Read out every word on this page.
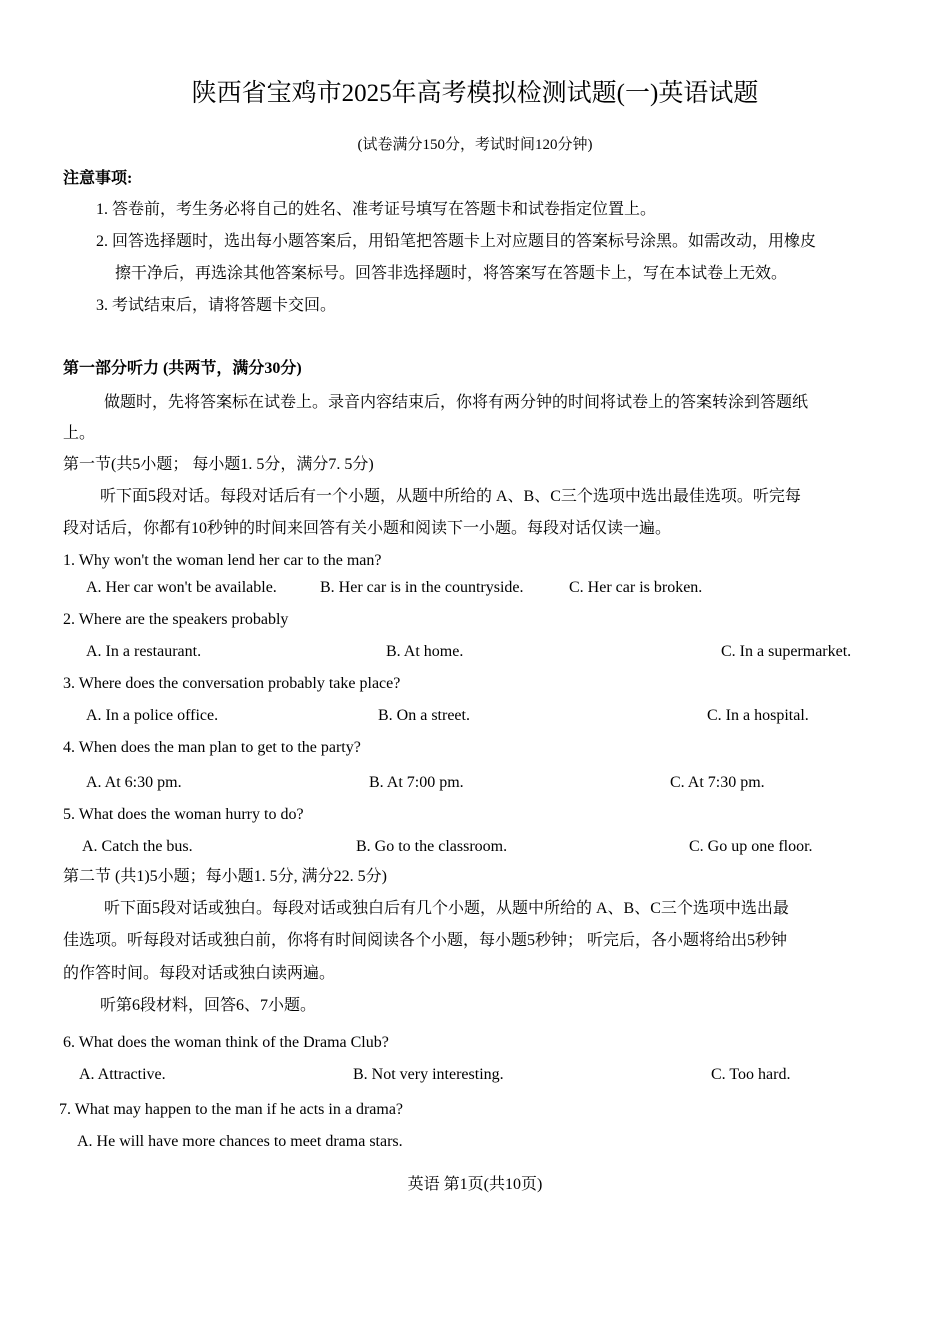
陕西省宝鸡市2025年高考模拟检测试题(一)英语试题
(试卷满分150分，考试时间120分钟)
注意事项:
1. 答卷前，考生务必将自己的姓名、准考证号填写在答题卡和试卷指定位置上。
2. 回答选择题时，选出每小题答案后，用铅笔把答题卡上对应题目的答案标号涂黑。如需改动，用橡皮
擦干净后，再选涂其他答案标号。回答非选择题时，将答案写在答题卡上，写在本试卷上无效。
3. 考试结束后，请将答题卡交回。
第一部分听力 (共两节，满分30分)
做题时，先将答案标在试卷上。录音内容结束后，你将有两分钟的时间将试卷上的答案转涂到答题纸
上。
第一节(共5小题； 每小题1. 5分，满分7. 5分)
听下面5段对话。每段对话后有一个小题，从题中所给的 A、B、C三个选项中选出最佳选项。听完每
段对话后，你都有10秒钟的时间来回答有关小题和阅读下一小题。每段对话仅读一遍。
1. Why won't the woman lend her car to the man?
A. Her car won't be available.	B. Her car is in the countryside.	C. Her car is broken.
2. Where are the speakers probably
A. In a restaurant.	B. At home.	C. In a supermarket.
3. Where does the conversation probably take place?
A. In a police office.	B. On a street.	C. In a hospital.
4. When does the man plan to get to the party?
A. At 6:30 pm.	B. At 7:00 pm.	C. At 7:30 pm.
5. What does the woman hurry to do?
A. Catch the bus.	B. Go to the classroom.	C. Go up one floor.
第二节 (共1)5小题；每小题1. 5分, 满分22. 5分)
听下面5段对话或独白。每段对话或独白后有几个小题，从题中所给的 A、B、C三个选项中选出最
佳选项。听每段对话或独白前，你将有时间阅读各个小题，每小题5秒钟； 听完后，各小题将给出5秒钟
的作答时间。每段对话或独白读两遍。
听第6段材料，回答6、7小题。
6. What does the woman think of the Drama Club?
A. Attractive.	B. Not very interesting.	C. Too hard.
7. What may happen to the man if he acts in a drama?
A. He will have more chances to meet drama stars.
英语 第1页(共10页)
